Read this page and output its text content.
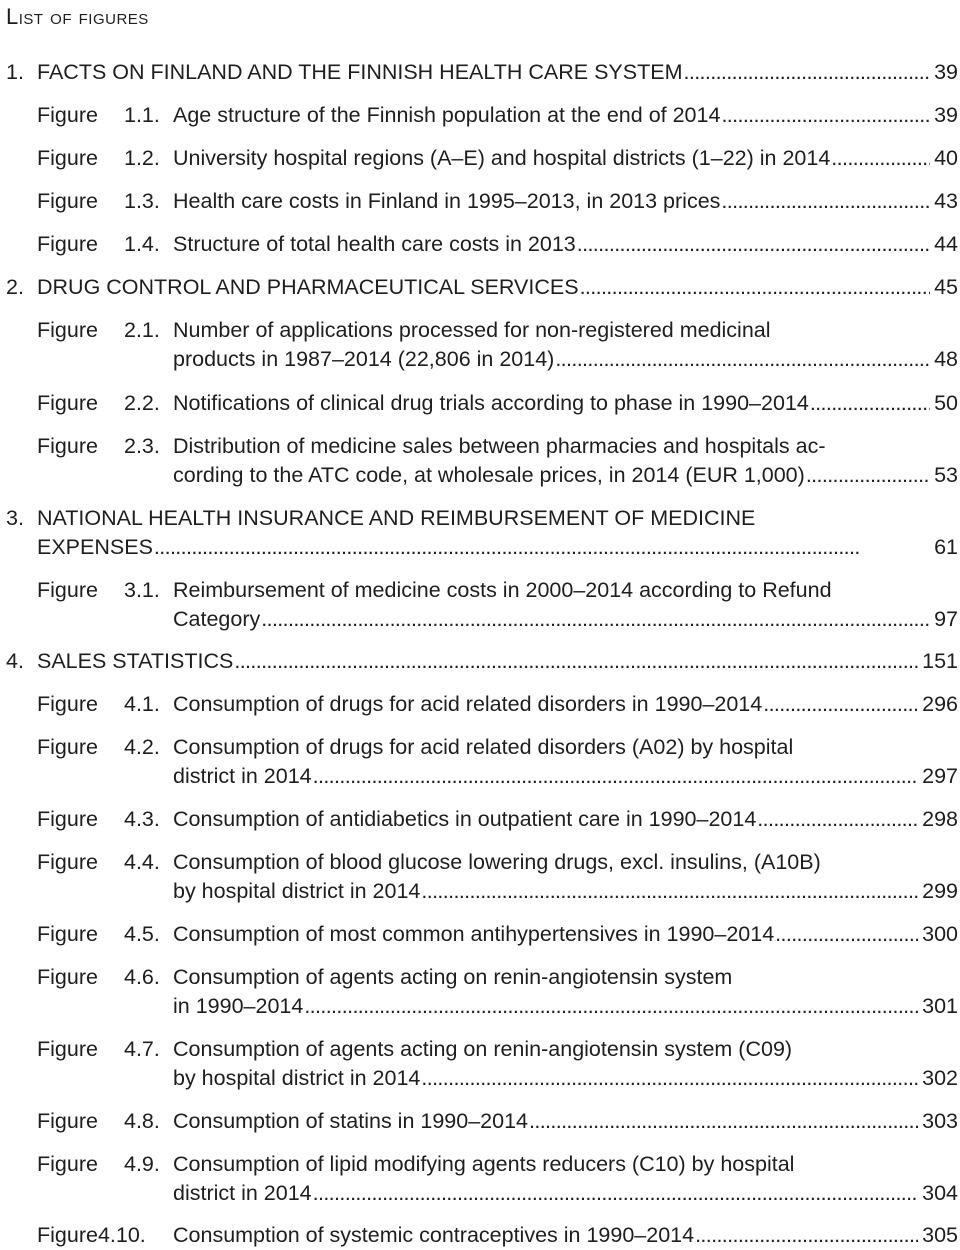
List of figures
1. FACTS ON FINLAND AND THE FINNISH HEALTH CARE SYSTEM . . .	39
Figure 1.1. Age structure of the Finnish population at the end of 2014 . . .	39
Figure 1.2. University hospital regions (A–E) and hospital districts (1–22) in 2014 . . .	40
Figure 1.3. Health care costs in Finland in 1995–2013, in 2013 prices . . .	43
Figure 1.4. Structure of total health care costs in 2013 . . .	44
2. DRUG CONTROL AND PHARMACEUTICAL SERVICES . . .	45
Figure 2.1. Number of applications processed for non-registered medicinal
products in 1987–2014 (22,806 in 2014) . . .	48
Figure 2.2. Notifications of clinical drug trials according to phase in 1990–2014 . . .	50
Figure 2.3. Distribution of medicine sales between pharmacies and hospitals ac-
cording to the ATC code, at wholesale prices, in 2014 (EUR 1,000) . . .	53
3. NATIONAL HEALTH INSURANCE AND REIMBURSEMENT OF MEDICINE
EXPENSES . . .	61
Figure 3.1. Reimbursement of medicine costs in 2000–2014 according to Refund
Category . . .	97
4. SALES STATISTICS . . .	151
Figure 4.1. Consumption of drugs for acid related disorders in 1990–2014 . . .	296
Figure 4.2. Consumption of drugs for acid related disorders (A02) by hospital
district in 2014 . . .	297
Figure 4.3. Consumption of antidiabetics in outpatient care in 1990–2014 . . .	298
Figure 4.4. Consumption of blood glucose lowering drugs, excl. insulins, (A10B)
by hospital district in 2014 . . .	299
Figure 4.5. Consumption of most common antihypertensives in 1990–2014 . . .	300
Figure 4.6. Consumption of agents acting on renin-angiotensin system
in 1990–2014 . . .	301
Figure 4.7. Consumption of agents acting on renin-angiotensin system (C09)
by hospital district in 2014 . . .	302
Figure 4.8. Consumption of statins in 1990–2014 . . .	303
Figure 4.9. Consumption of lipid modifying agents reducers (C10) by hospital
district in 2014 . . .	304
Figure4.10.	Consumption of systemic contraceptives in 1990–2014 . . .	305
